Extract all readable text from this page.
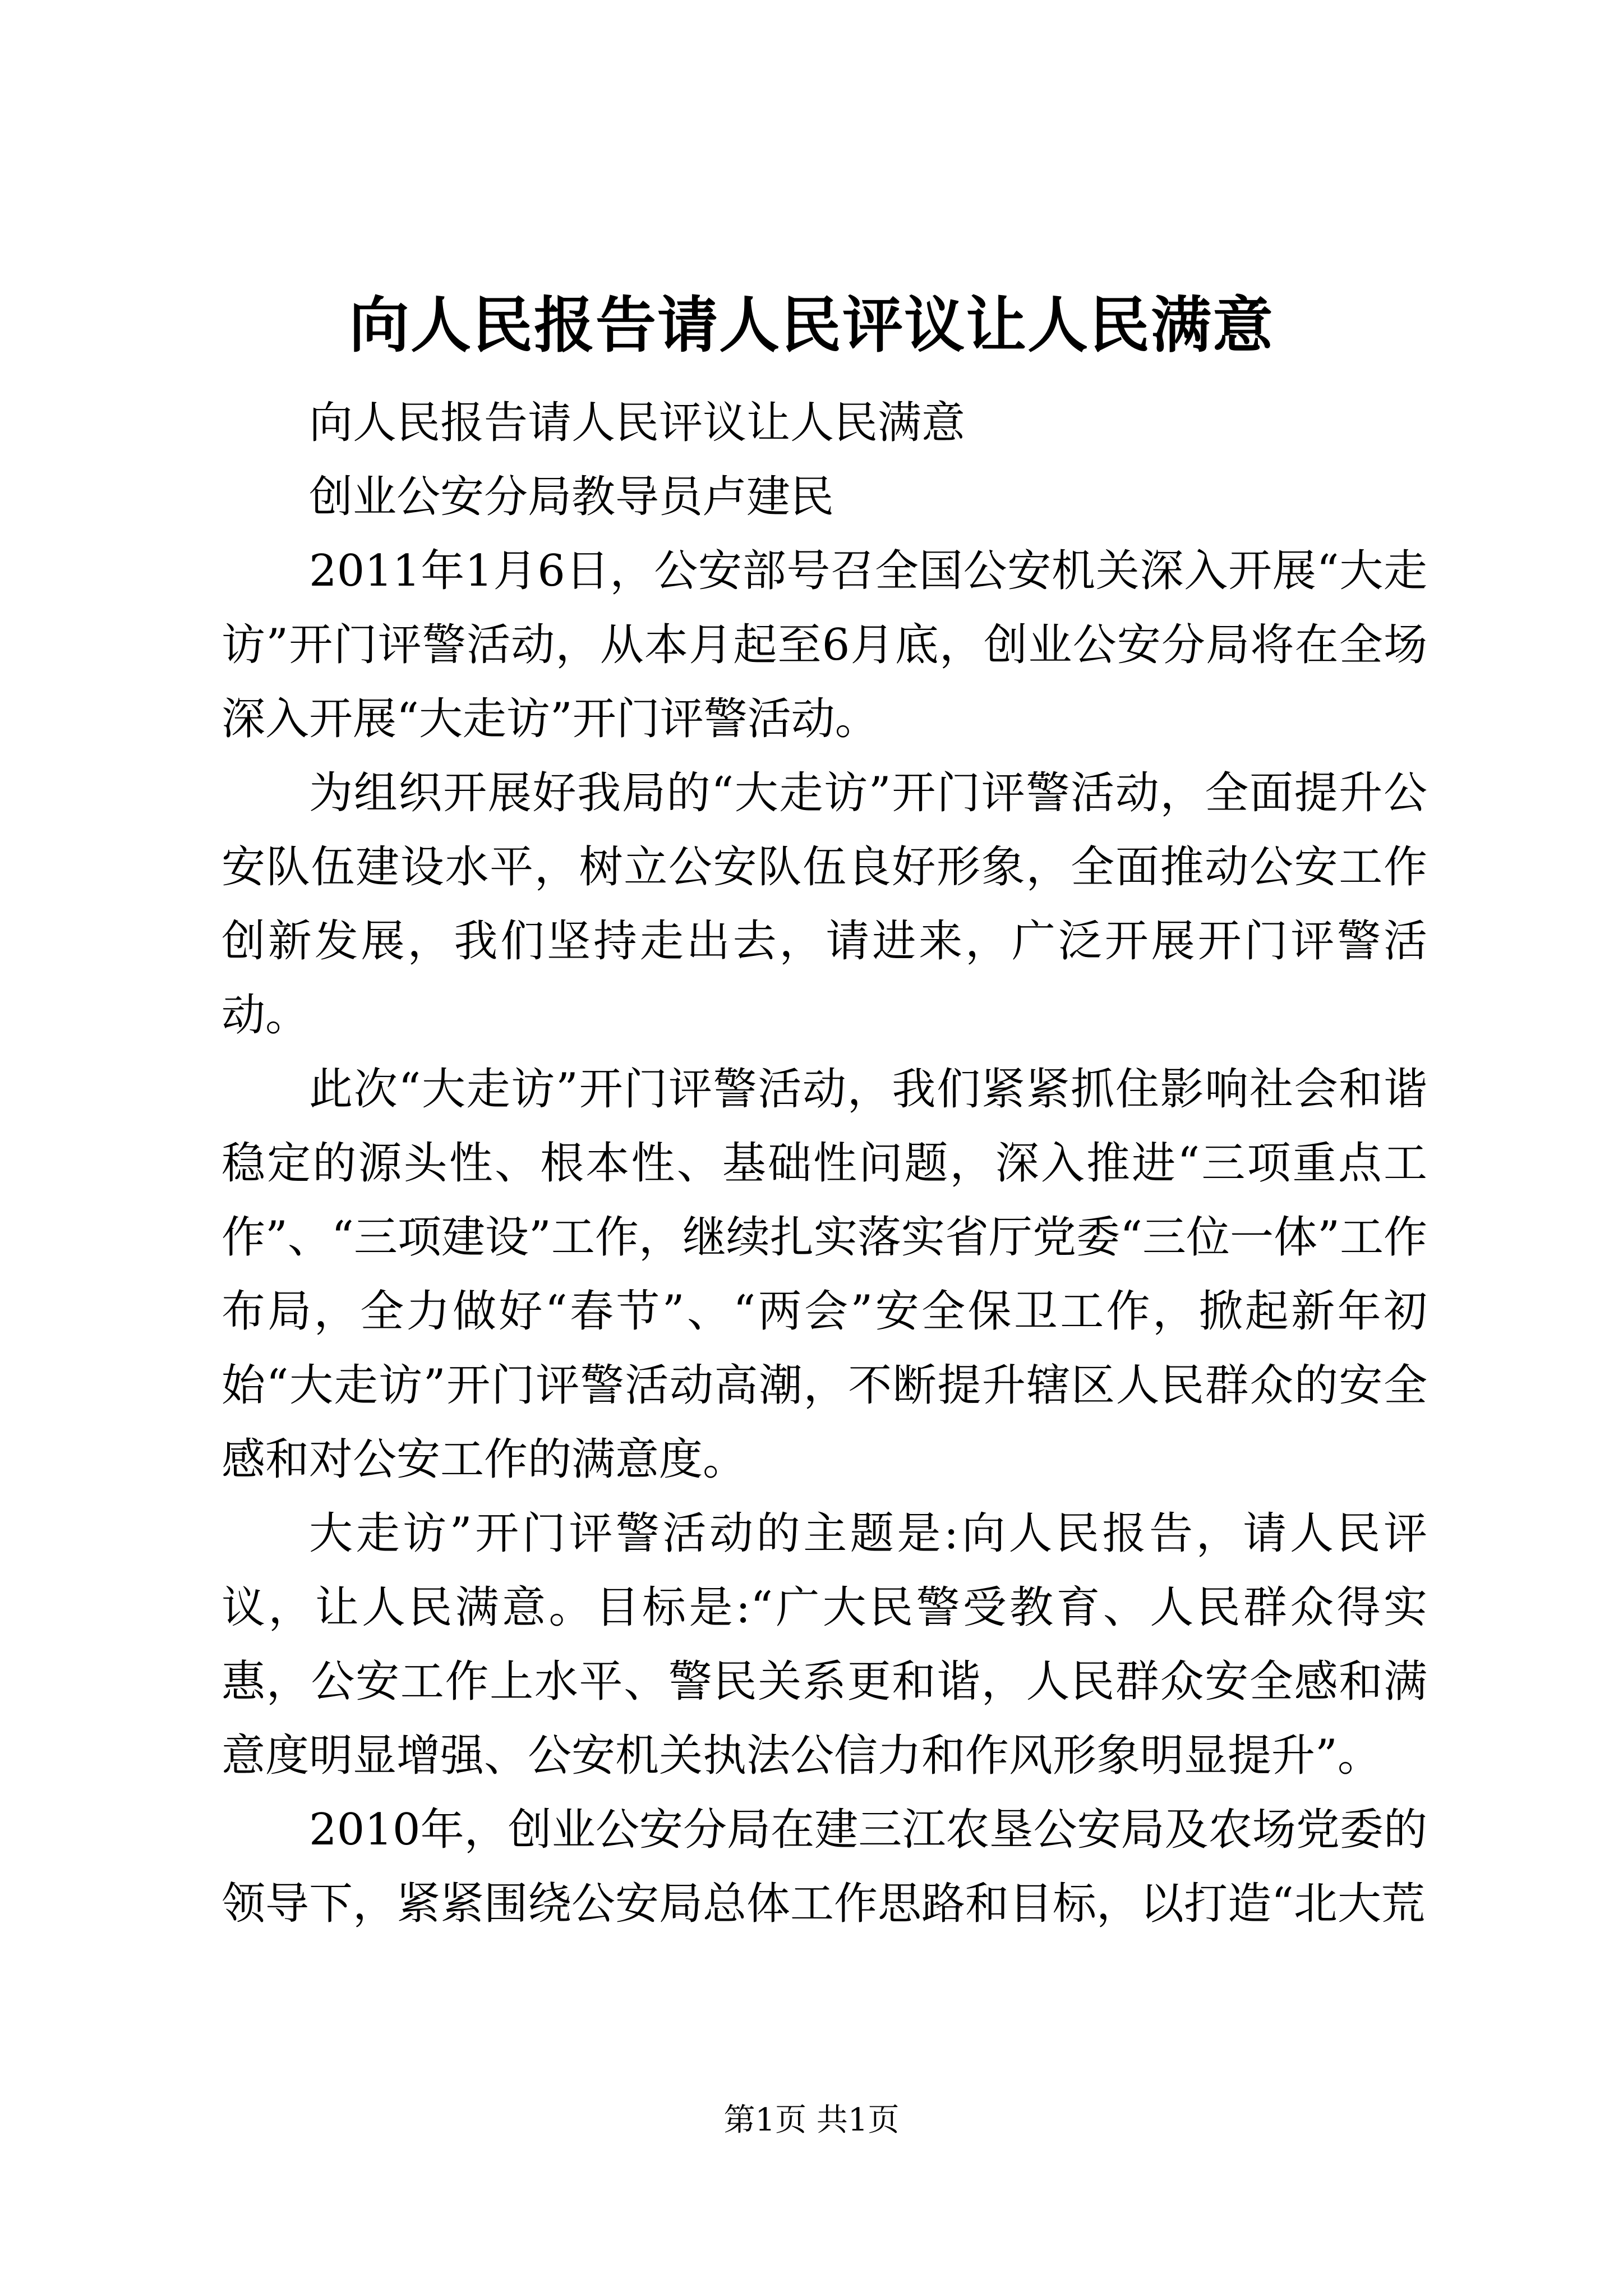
向人民报告请人民评议让人民满意

向人民报告请人民评议让人民满意

创业公安分局教导员卢建民

2011年1月6日，公安部号召全国公安机关深入开展“大走访”开门评警活动，从本月起至6月底，创业公安分局将在全场深入开展“大走访”开门评警活动。

为组织开展好我局的“大走访”开门评警活动，全面提升公安队伍建设水平，树立公安队伍良好形象，全面推动公安工作创新发展，我们坚持走出去，请进来，广泛开展开门评警活动。

此次“大走访”开门评警活动，我们紧紧抓住影响社会和谐稳定的源头性、根本性、基础性问题，深入推进“三项重点工作”、“三项建设”工作，继续扎实落实省厅党委“三位一体”工作布局，全力做好“春节”、“两会”安全保卫工作，掀起新年初始“大走访”开门评警活动高潮，不断提升辖区人民群众的安全感和对公安工作的满意度。

大走访”开门评警活动的主题是:向人民报告，请人民评议，让人民满意。目标是:“广大民警受教育、人民群众得实惠，公安工作上水平、警民关系更和谐，人民群众安全感和满意度明显增强、公安机关执法公信力和作风形象明显提升”。

2010年，创业公安分局在建三江农垦公安局及农场党委的领导下，紧紧围绕公安局总体工作思路和目标，以打造“北大荒

第1页 共1页
